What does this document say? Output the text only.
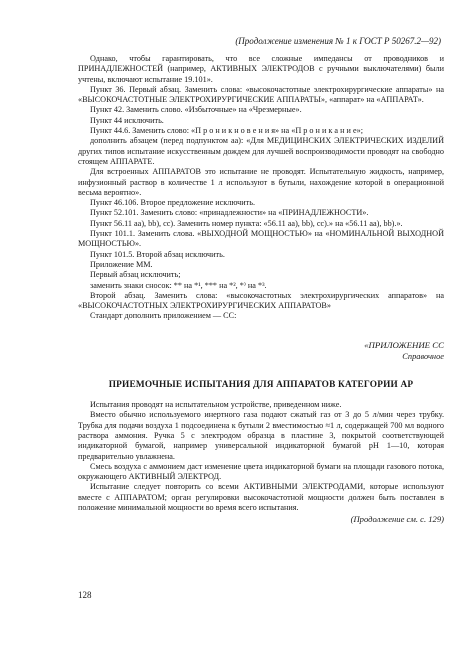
(Продолжение изменения № 1 к ГОСТ Р 50267.2—92)

Однако, чтобы гарантировать, что все сложные импедансы от проводников и ПРИНАДЛЕЖНОСТЕЙ (например, АКТИВНЫХ ЭЛЕКТРОДОВ с ручными выключателями) были учтены, включают испытание 19.101».

Пункт 36. Первый абзац. Заменить слова: «высокочастотные электрохирургические аппараты» на «ВЫСОКОЧАСТОТНЫЕ ЭЛЕКТРОХИРУРГИЧЕСКИЕ АППАРАТЫ», «аппарат» на «АППАРАТ».

Пункт 42. Заменить слово. «Избыточные» на «Чрезмерные».

Пункт 44 исключить.

Пункт 44.6. Заменить слово: «П р о н и к н о в е н и я» на «П р о н и к а н и е»;

дополнить абзацем (перед подпунктом аа): «Для МЕДИЦИНСКИХ ЭЛЕКТРИЧЕСКИХ ИЗДЕЛИЙ других типов испытание искусственным дождем для лучшей воспроизводимости проводят на свободно стоящем АППАРАТЕ.

Для встроенных АППАРАТОВ это испытание не проводят. Испытательную жидкость, например, инфузионный раствор в количестве 1 л используют в бутыли, нахождение которой в операционной весьма вероятно».

Пункт 46.106. Второе предложение исключить.

Пункт 52.101. Заменить слово: «принадлежности» на «ПРИНАДЛЕЖНОСТИ».

Пункт 56.11 аа), bb), cc). Заменить номер пункта: «56.11 аа), bb), cc).» на «56.11 aa), bb).».

Пункт 101.1. Заменить слова. «ВЫХОДНОЙ МОЩНОСТЬЮ» на «НОМИНАЛЬНОЙ ВЫХОДНОЙ МОЩНОСТЬЮ».

Пункт 101.5. Второй абзац исключить.

Приложение ММ.

Первый абзац исключить;

заменить знаки сносок: ** на *¹, *** на *², *⁾ на *³.

Второй абзац. Заменить слова: «высокочастотных электрохирургических аппаратов» на «ВЫСОКОЧАСТОТНЫХ ЭЛЕКТРОХИРУРГИЧЕСКИХ АППАРАТОВ»

Стандарт дополнить приложением — СС:

«ПРИЛОЖЕНИЕ СС
Справочное
ПРИЕМОЧНЫЕ ИСПЫТАНИЯ ДЛЯ АППАРАТОВ КАТЕГОРИИ АР

Испытания проводят на испытательном устройстве, приведенном ниже.

Вместо обычно используемого инертного газа подают сжатый газ от 3 до 5 л/мин через трубку. Трубка для подачи воздуха 1 подсоединена к бутыли 2 вместимостью ≈1 л, содержащей 700 мл водного раствора аммония. Ручка 5 с электродом образца в пластине 3, покрытой соответствующей индикаторной бумагой, например универсальной индикаторной бумагой pH 1—10, которая предварительно увлажнена.

Смесь воздуха с аммонием даст изменение цвета индикаторной бумаги на площади газового потока, окружающего АКТИВНЫЙ ЭЛЕКТРОД.

Испытание следует повторить со всеми АКТИВНЫМИ ЭЛЕКТРОДАМИ, которые используют вместе с АППАРАТОМ; орган регулировки высокочастотной мощности должен быть поставлен в положение минимальной мощности во время всего испытания.

(Продолжение см. с. 129)
128
